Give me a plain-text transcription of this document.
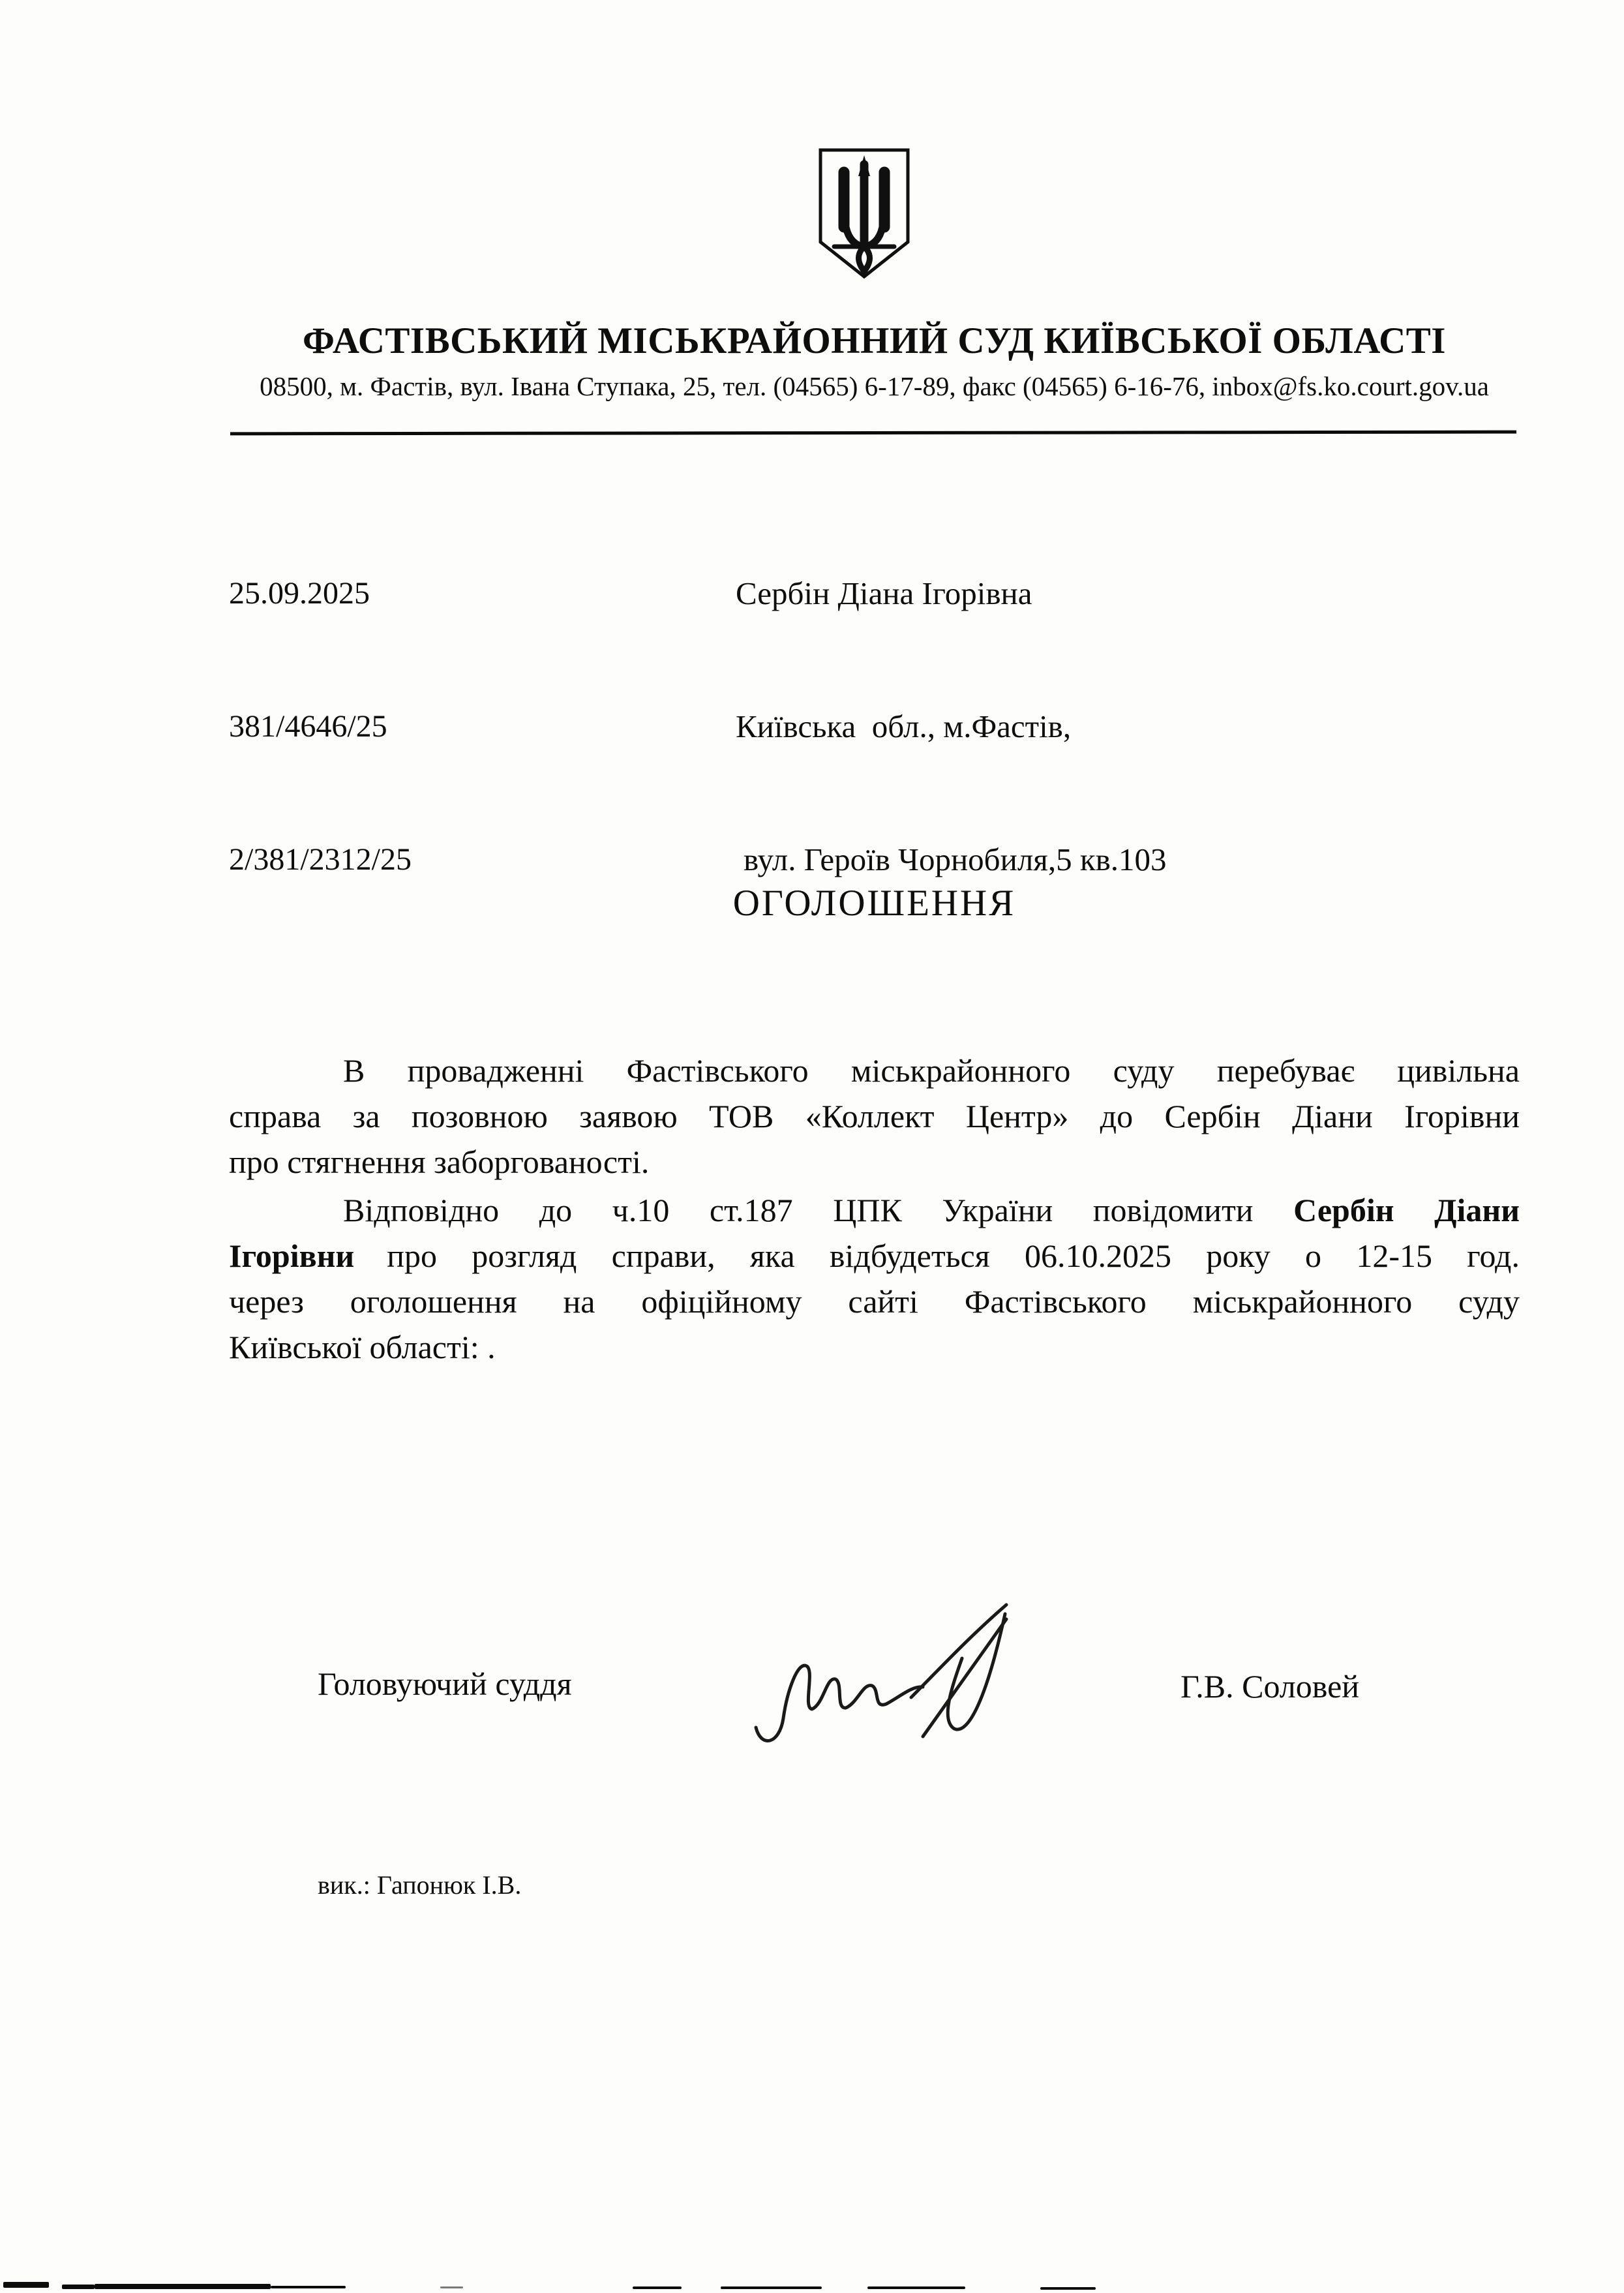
ФАСТІВСЬКИЙ МІСЬКРАЙОННИЙ СУД КИЇВСЬКОЇ ОБЛАСТІ
08500, м. Фастів, вул. Івана Ступака, 25, тел. (04565) 6-17-89, факс (04565) 6-16-76, inbox@fs.ko.court.gov.ua

25.09.2025

381/4646/25

2/381/2312/25

Сербін Діана Ігорівна

Київська  обл., м.Фастів,

вул. Героїв Чорнобиля,5 кв.103

ОГОЛОШЕННЯ

В провадженні Фастівського міськрайонного суду перебуває цивільна
справа за позовною заявою ТОВ «Коллект Центр» до Сербін Діани Ігорівни
про стягнення заборгованості.

Відповідно до ч.10 ст.187 ЦПК України повідомити Сербін Діани
Ігорівни про розгляд справи, яка відбудеться 06.10.2025 року о 12-15 год.
через оголошення на офіційному сайті Фастівського міськрайонного суду
Київської області: .

Головуючий суддя	Г.В. Соловей
вик.: Гапонюк І.В.
